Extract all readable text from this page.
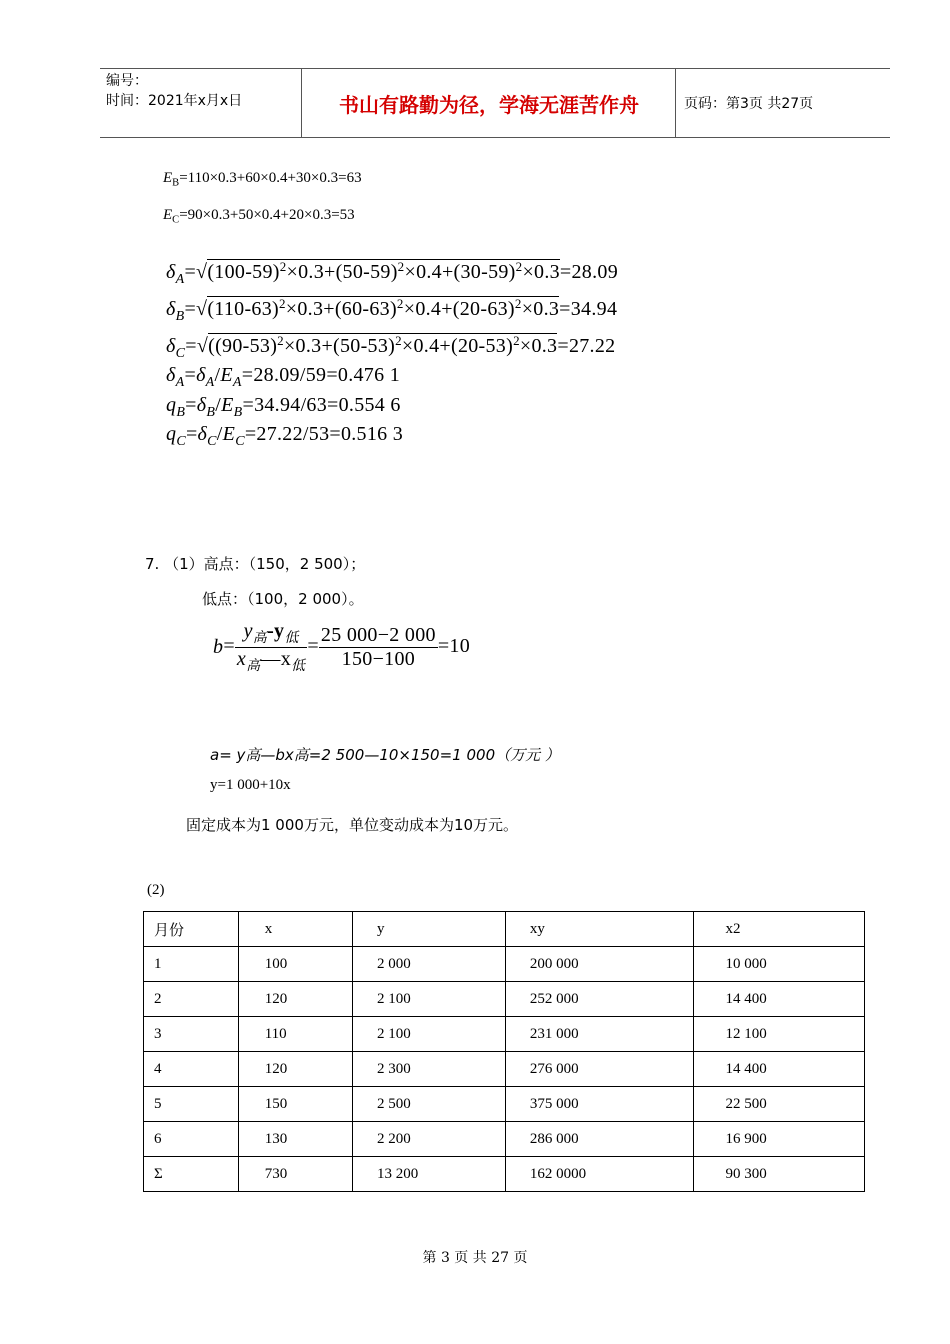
编号：
时间：2021年x月x日	书山有路勤为径，学海无涯苦作舟	页码：第3页 共27页
$E_B=110\times 0.3+60\times 0.4+30\times 0.3=63$
$E_C=90\times 0.3+50\times 0.4+20\times 0.3=53$
$\delta_A=√(100-59)^2\times 0.3+(50-59)^2\times 0.4+(30-59)^2\times 0.3=28.09$
$\delta_B=√(110-63)^2\times 0.3+(60-63)^2\times 0.4+(20-63)^2\times 0.3=34.94$
$\delta_C=√((90-53)^2\times 0.3+(50-53)^2\times 0.4+(20-53)^2\times 0.3=27.22$
$\delta_A=\delta_A/E_A=28.09/59=0.476$ 1
$q_B=\delta_B/E_B=34.94/63=0.554$ 6
$q_C=\delta_C/E_C=27.22/53=0.516$ 3
7. （1）高点：（150，2 500）；
低点：（100，2 000）。
$b= \frac{y_高-y_低}{x_高—x_低} = \frac{25 000-2 000}{150-100} =10$
a= y高—bx高=2 500—10×150=1 000（万元 ）
y=1 000+10x
固定成本为1 000万元，单位变动成本为10万元。
(2)
月份	x	y	xy	x2
1	100	2 000	200 000	10 000
2	120	2 100	252 000	14 400
3	110	2 100	231 000	12 100
4	120	2 300	276 000	14 400
5	150	2 500	375 000	22 500
6	130	2 200	286 000	16 900
Σ	730	13 200	162 0000	90 300
第 3 页 共 27 页
